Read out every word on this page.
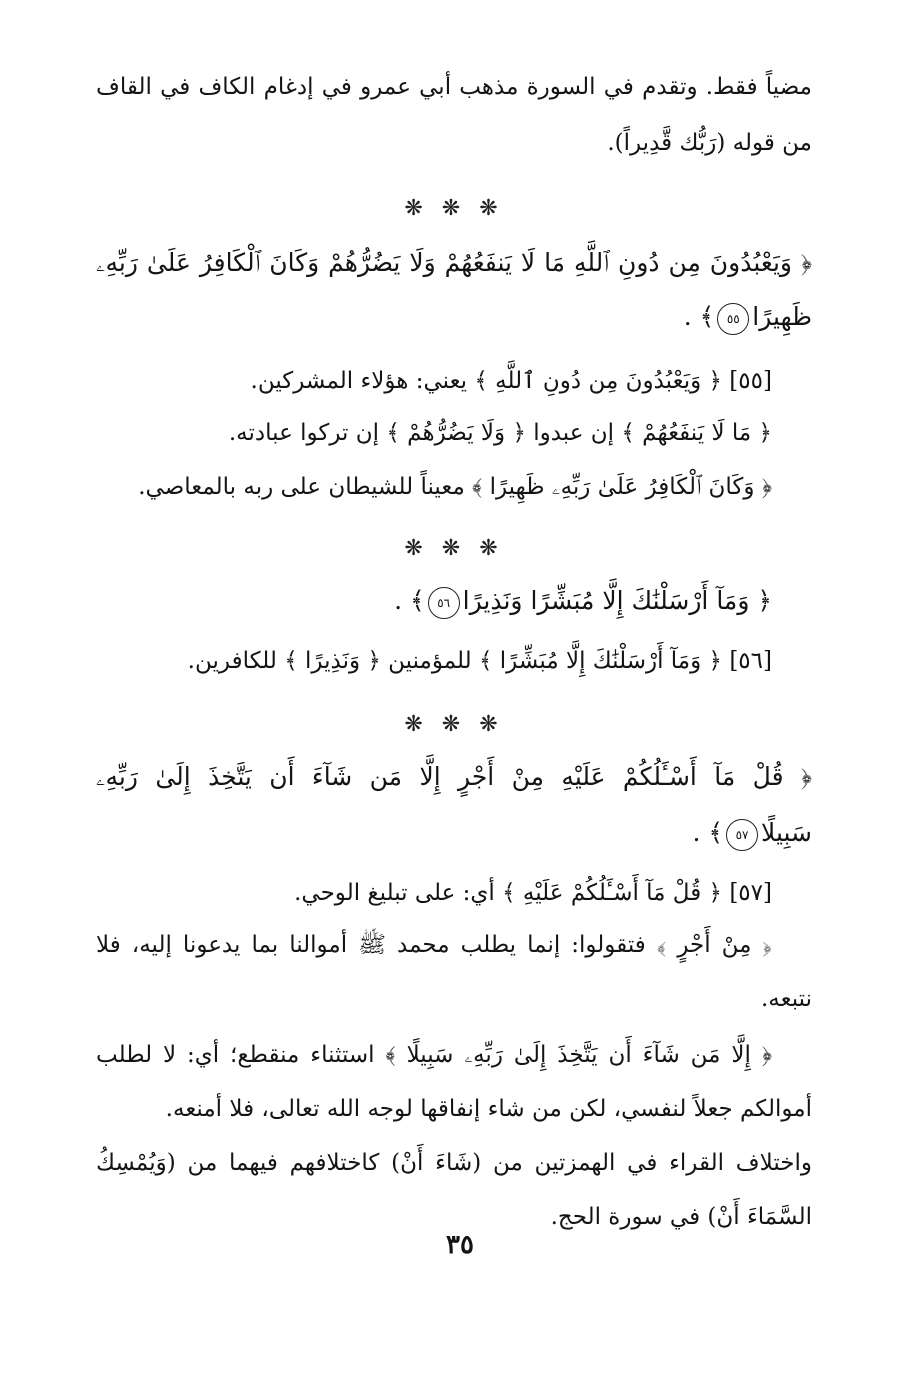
مضياً فقط. وتقدم في السورة مذهب أبي عمرو في إدغام الكاف في القاف
من قوله (رَبُّك قَّدِيراً).
❋ ❋ ❋
﴿ وَيَعْبُدُونَ مِن دُونِ ٱللَّهِ مَا لَا يَنفَعُهُمْ وَلَا يَضُرُّهُمْ وَكَانَ ٱلْكَافِرُ عَلَىٰ رَبِّهِۦ
ظَهِيرًا٥٥﴾ .
[٥٥] ﴿ وَيَعْبُدُونَ مِن دُونِ ٱللَّهِ ﴾ يعني: هؤلاء المشركين.
﴿ مَا لَا يَنفَعُهُمْ ﴾ إن عبدوا ﴿ وَلَا يَضُرُّهُمْ ﴾ إن تركوا عبادته.
﴿ وَكَانَ ٱلْكَافِرُ عَلَىٰ رَبِّهِۦ ظَهِيرًا ﴾ معيناً للشيطان على ربه بالمعاصي.
❋ ❋ ❋
﴿ وَمَآ أَرْسَلْنَٰكَ إِلَّا مُبَشِّرًا وَنَذِيرًا٥٦﴾ .
[٥٦] ﴿ وَمَآ أَرْسَلْنَٰكَ إِلَّا مُبَشِّرًا ﴾ للمؤمنين ﴿ وَنَذِيرًا ﴾ للكافرين.
❋ ❋ ❋
﴿ قُلْ مَآ أَسْـَٔلُكُمْ عَلَيْهِ مِنْ أَجْرٍ إِلَّا مَن شَآءَ أَن يَتَّخِذَ إِلَىٰ رَبِّهِۦ
سَبِيلًا٥٧﴾ .
[٥٧] ﴿ قُلْ مَآ أَسْـَٔلُكُمْ عَلَيْهِ ﴾ أي: على تبليغ الوحي.
﴿ مِنْ أَجْرٍ ﴾ فتقولوا: إنما يطلب محمد ﷺ أموالنا بما يدعونا إليه، فلا
نتبعه.
﴿ إِلَّا مَن شَآءَ أَن يَتَّخِذَ إِلَىٰ رَبِّهِۦ سَبِيلًا ﴾ استثناء منقطع؛ أي: لا لطلب
أموالكم جعلاً لنفسي، لكن من شاء إنفاقها لوجه الله تعالى، فلا أمنعه.
واختلاف القراء في الهمزتين من (شَاءَ أَنْ) كاختلافهم فيهما من (وَيُمْسِكُ
السَّمَاءَ أَنْ) في سورة الحج.
٣٥
